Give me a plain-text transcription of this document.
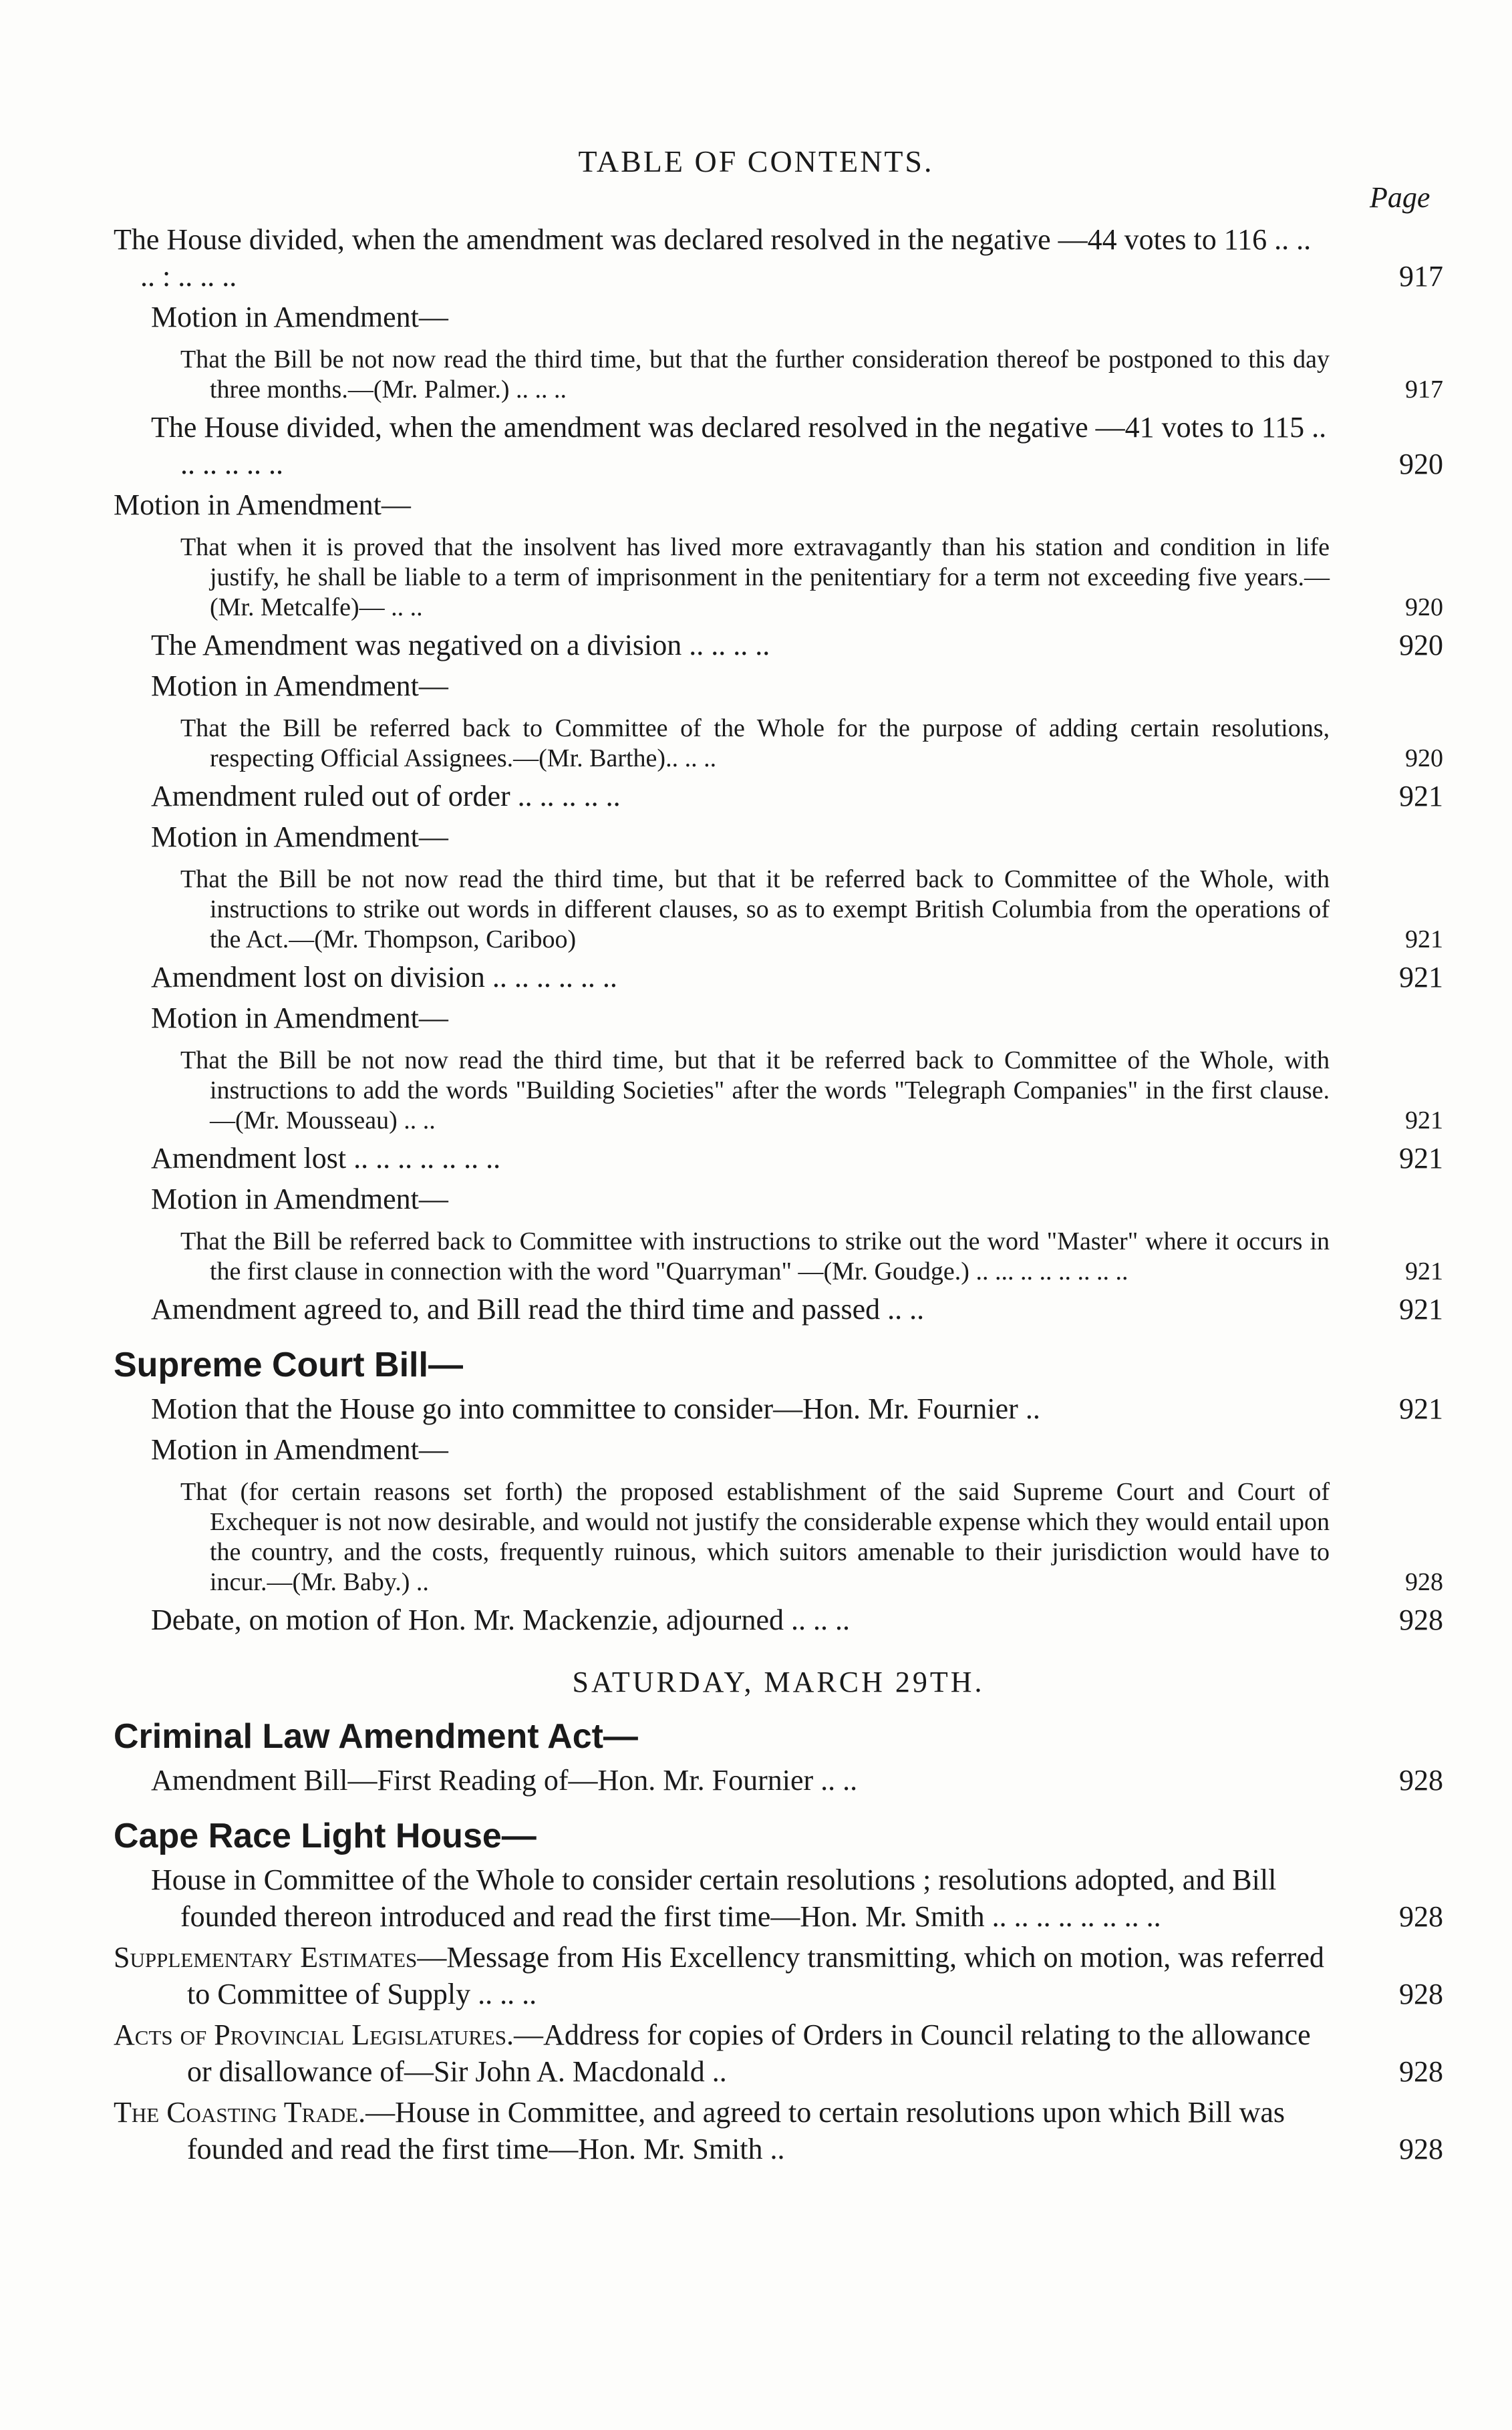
TABLE OF CONTENTS.
Page
The House divided, when the amendment was declared resolved in the negative —44 votes to 116 .. .. .. : .. .. ..	917
Motion in Amendment—
That the Bill be not now read the third time, but that the further consideration thereof be postponed to this day three months.—(Mr. Palmer.) .. .. ..	917
The House divided, when the amendment was declared resolved in the negative —41 votes to 115 .. .. .. .. .. ..	920
Motion in Amendment—
That when it is proved that the insolvent has lived more extravagantly than his station and condition in life justify, he shall be liable to a term of imprisonment in the penitentiary for a term not exceeding five years.—(Mr. Metcalfe)— .. ..	920
The Amendment was negatived on a division .. .. .. ..	920
Motion in Amendment—
That the Bill be referred back to Committee of the Whole for the purpose of adding certain resolutions, respecting Official Assignees.—(Mr. Barthe).. .. ..	920
Amendment ruled out of order .. .. .. .. ..	921
Motion in Amendment—
That the Bill be not now read the third time, but that it be referred back to Committee of the Whole, with instructions to strike out words in different clauses, so as to exempt British Columbia from the operations of the Act.—(Mr. Thompson, Cariboo)	921
Amendment lost on division .. .. .. .. .. ..	921
Motion in Amendment—
That the Bill be not now read the third time, but that it be referred back to Committee of the Whole, with instructions to add the words "Building Societies" after the words "Telegraph Companies" in the first clause.—(Mr. Mousseau) .. ..	921
Amendment lost .. .. .. .. .. .. ..	921
Motion in Amendment—
That the Bill be referred back to Committee with instructions to strike out the word "Master" where it occurs in the first clause in connection with the word "Quarryman" —(Mr. Goudge.) .. ... .. .. .. .. .. ..	921
Amendment agreed to, and Bill read the third time and passed .. ..	921
Supreme Court Bill—
Motion that the House go into committee to consider—Hon. Mr. Fournier ..	921
Motion in Amendment—
That (for certain reasons set forth) the proposed establishment of the said Supreme Court and Court of Exchequer is not now desirable, and would not justify the considerable expense which they would entail upon the country, and the costs, frequently ruinous, which suitors amenable to their jurisdiction would have to incur.—(Mr. Baby.) ..	928
Debate, on motion of Hon. Mr. Mackenzie, adjourned .. .. ..	928
SATURDAY, MARCH 29TH.
Criminal Law Amendment Act—
Amendment Bill—First Reading of—Hon. Mr. Fournier .. ..	928
Cape Race Light House—
House in Committee of the Whole to consider certain resolutions ; resolutions adopted, and Bill founded thereon introduced and read the first time—Hon. Mr. Smith .. .. .. .. .. .. .. ..	928
Supplementary Estimates—Message from His Excellency transmitting, which on motion, was referred to Committee of Supply .. .. ..	928
Acts of Provincial Legislatures.—Address for copies of Orders in Council relating to the allowance or disallowance of—Sir John A. Macdonald ..	928
The Coasting Trade.—House in Committee, and agreed to certain resolutions upon which Bill was founded and read the first time—Hon. Mr. Smith ..	928
